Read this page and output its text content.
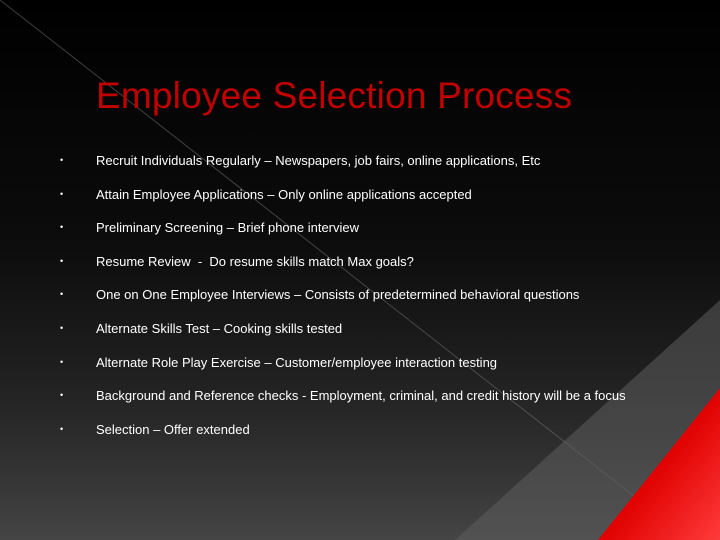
Employee Selection Process
•	Recruit Individuals Regularly – Newspapers, job fairs, online applications, Etc
•	Attain Employee Applications – Only online applications accepted
•	Preliminary Screening – Brief phone interview
•	Resume Review  -  Do resume skills match Max goals?
•	One on One Employee Interviews – Consists of predetermined behavioral questions
•	Alternate Skills Test – Cooking skills tested
•	Alternate Role Play Exercise – Customer/employee interaction testing
•	Background and Reference checks - Employment, criminal, and credit history will be a focus
•	Selection – Offer extended
